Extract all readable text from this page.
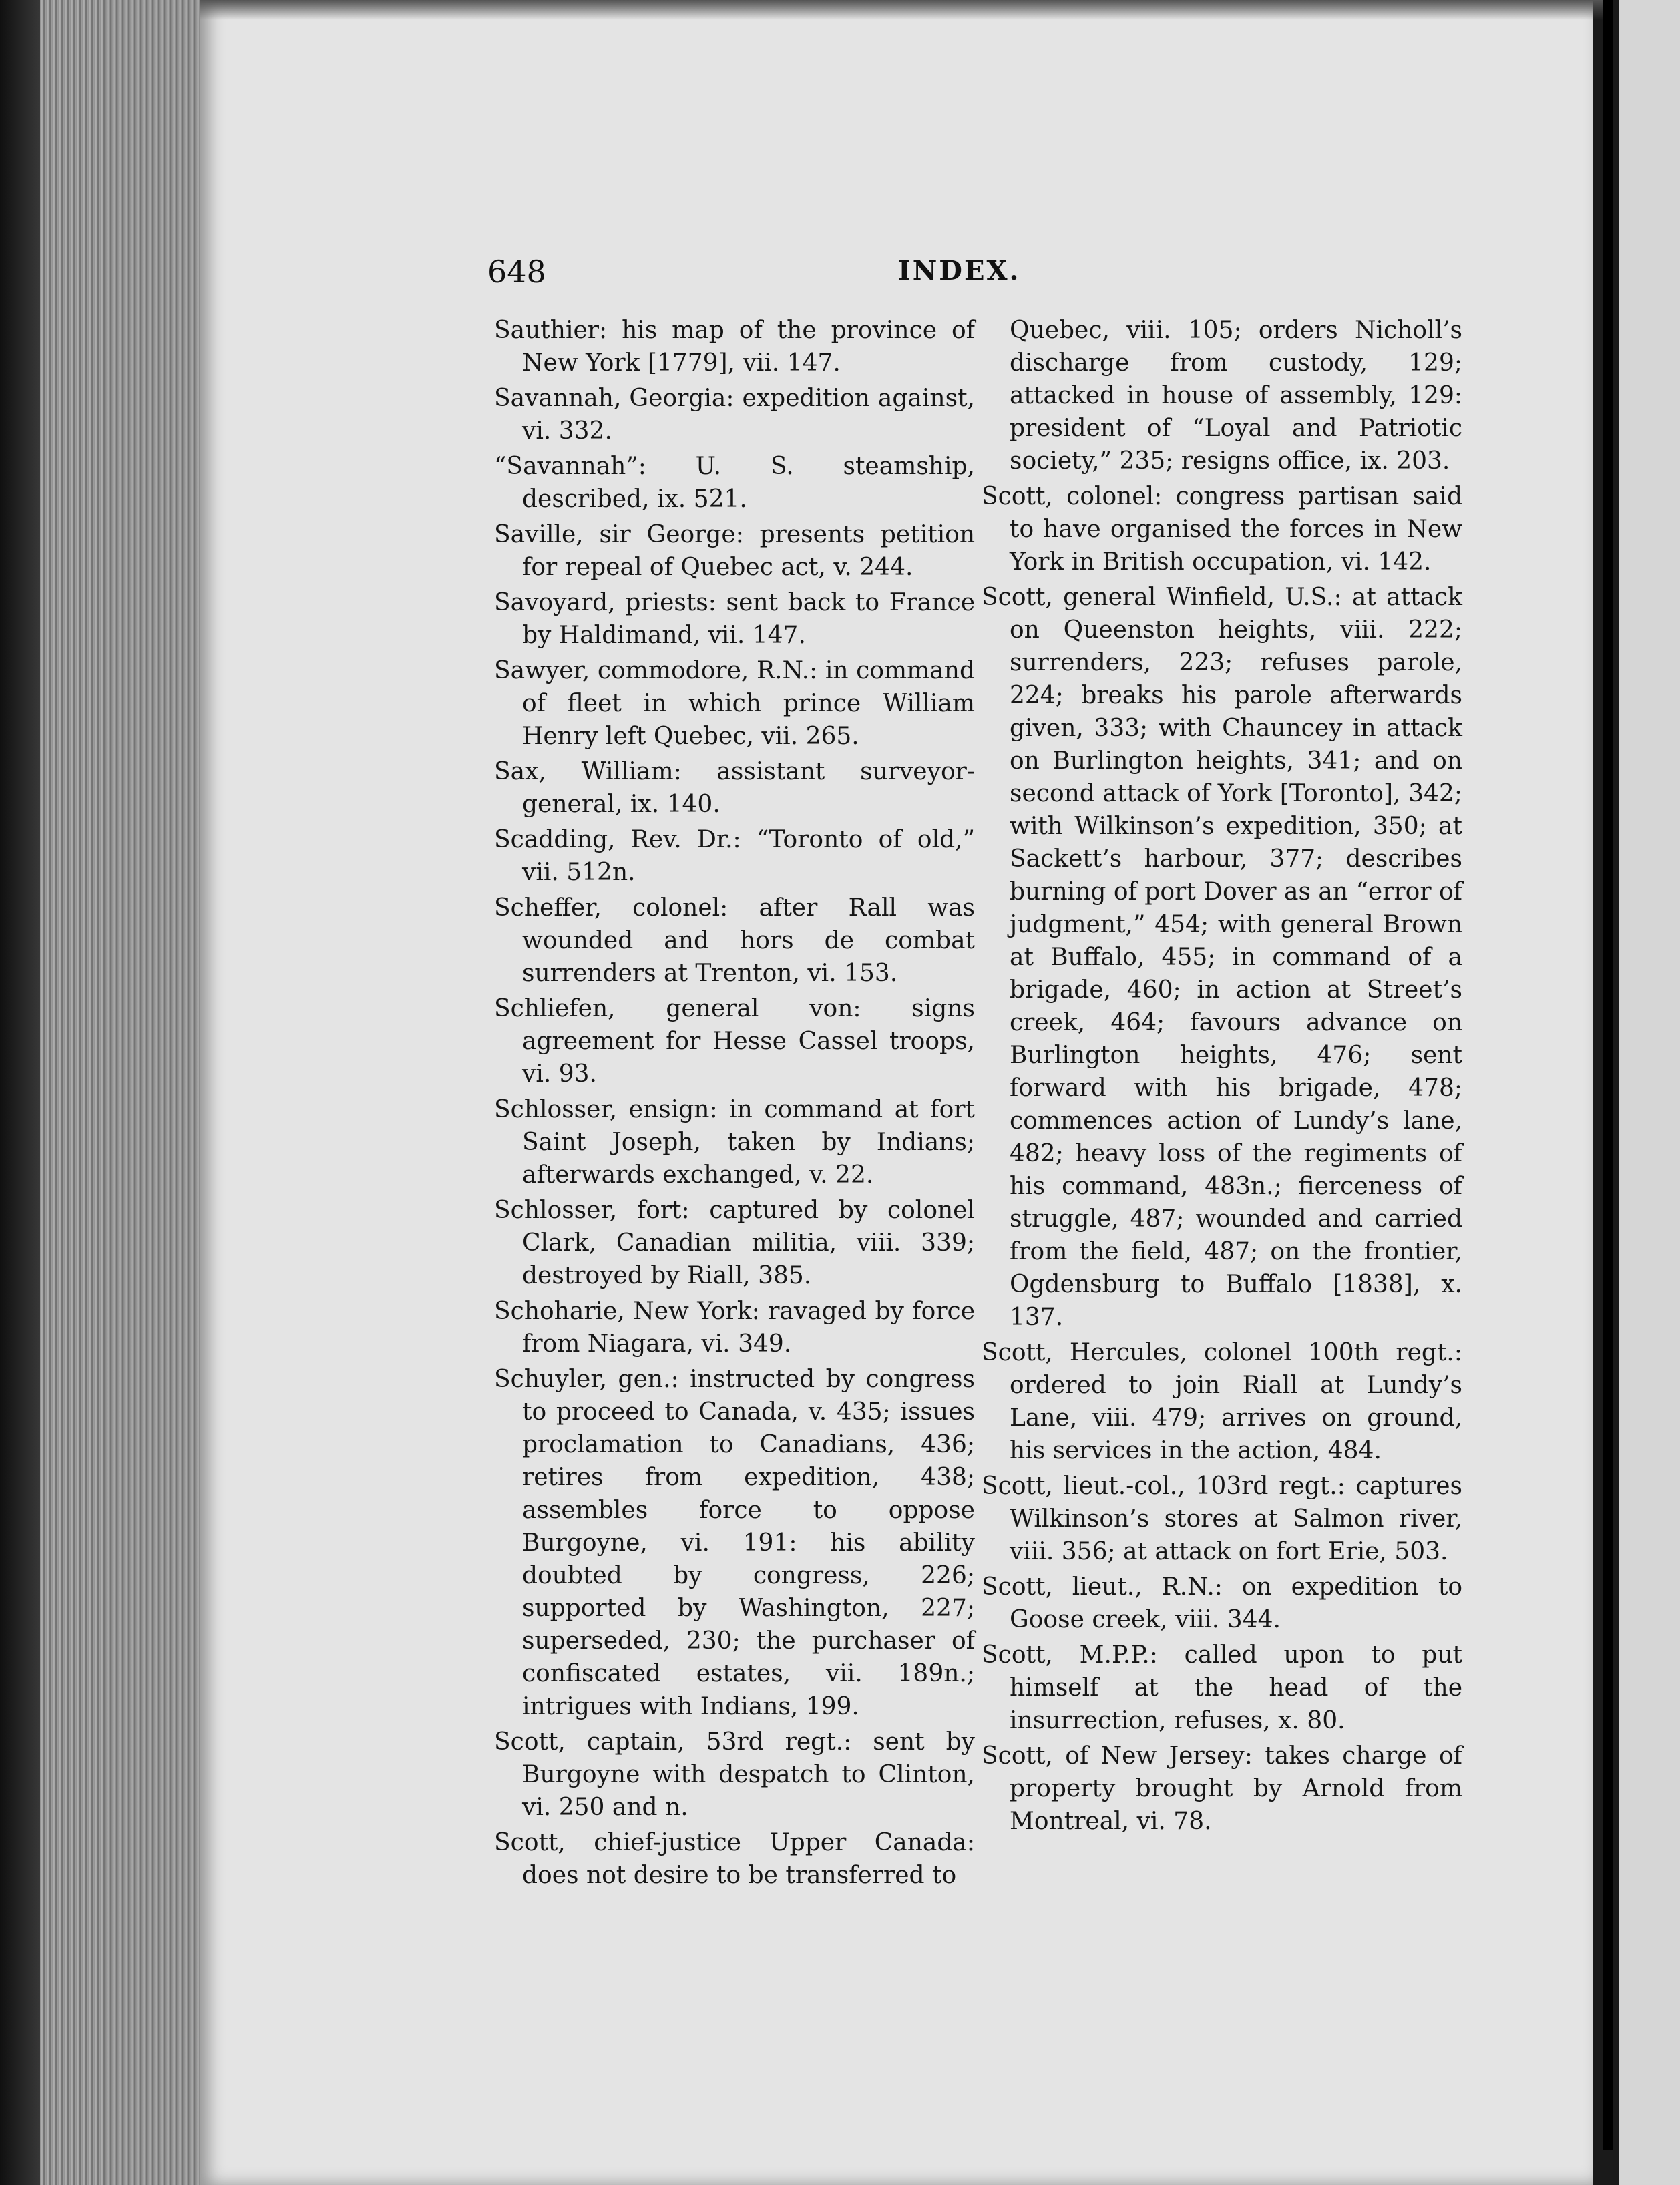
648	INDEX.

Sauthier: his map of the province of New York [1779], vii. 147.

Savannah, Georgia: expedition against, vi. 332.

“Savannah”: U. S. steamship, described, ix. 521.

Saville, sir George: presents petition for repeal of Quebec act, v. 244.

Savoyard, priests: sent back to France by Haldimand, vii. 147.

Sawyer, commodore, R.N.: in command of fleet in which prince William Henry left Quebec, vii. 265.

Sax, William: assistant surveyor-general, ix. 140.

Scadding, Rev. Dr.: “Toronto of old,” vii. 512n.

Scheffer, colonel: after Rall was wounded and hors de combat surrenders at Trenton, vi. 153.

Schliefen, general von: signs agreement for Hesse Cassel troops, vi. 93.

Schlosser, ensign: in command at fort Saint Joseph, taken by Indians; afterwards exchanged, v. 22.

Schlosser, fort: captured by colonel Clark, Canadian militia, viii. 339; destroyed by Riall, 385.

Schoharie, New York: ravaged by force from Niagara, vi. 349.

Schuyler, gen.: instructed by congress to proceed to Canada, v. 435; issues proclamation to Canadians, 436; retires from expedition, 438; assembles force to oppose Burgoyne, vi. 191: his ability doubted by congress, 226; supported by Washington, 227; superseded, 230; the purchaser of confiscated estates, vii. 189n.; intrigues with Indians, 199.

Scott, captain, 53rd regt.: sent by Burgoyne with despatch to Clinton, vi. 250 and n.

Scott, chief-justice Upper Canada: does not desire to be transferred to

Quebec, viii. 105; orders Nicholl’s discharge from custody, 129; attacked in house of assembly, 129: president of “Loyal and Patriotic society,” 235; resigns office, ix. 203.

Scott, colonel: congress partisan said to have organised the forces in New York in British occupation, vi. 142.

Scott, general Winfield, U.S.: at attack on Queenston heights, viii. 222; surrenders, 223; refuses parole, 224; breaks his parole afterwards given, 333; with Chauncey in attack on Burlington heights, 341; and on second attack of York [Toronto], 342; with Wilkinson’s expedition, 350; at Sackett’s harbour, 377; describes burning of port Dover as an “error of judgment,” 454; with general Brown at Buffalo, 455; in command of a brigade, 460; in action at Street’s creek, 464; favours advance on Burlington heights, 476; sent forward with his brigade, 478; commences action of Lundy’s lane, 482; heavy loss of the regiments of his command, 483n.; fierceness of struggle, 487; wounded and carried from the field, 487; on the frontier, Ogdensburg to Buffalo [1838], x. 137.

Scott, Hercules, colonel 100th regt.: ordered to join Riall at Lundy’s Lane, viii. 479; arrives on ground, his services in the action, 484.

Scott, lieut.-col., 103rd regt.: captures Wilkinson’s stores at Salmon river, viii. 356; at attack on fort Erie, 503.

Scott, lieut., R.N.: on expedition to Goose creek, viii. 344.

Scott, M.P.P.: called upon to put himself at the head of the insurrection, refuses, x. 80.

Scott, of New Jersey: takes charge of property brought by Arnold from Montreal, vi. 78.
